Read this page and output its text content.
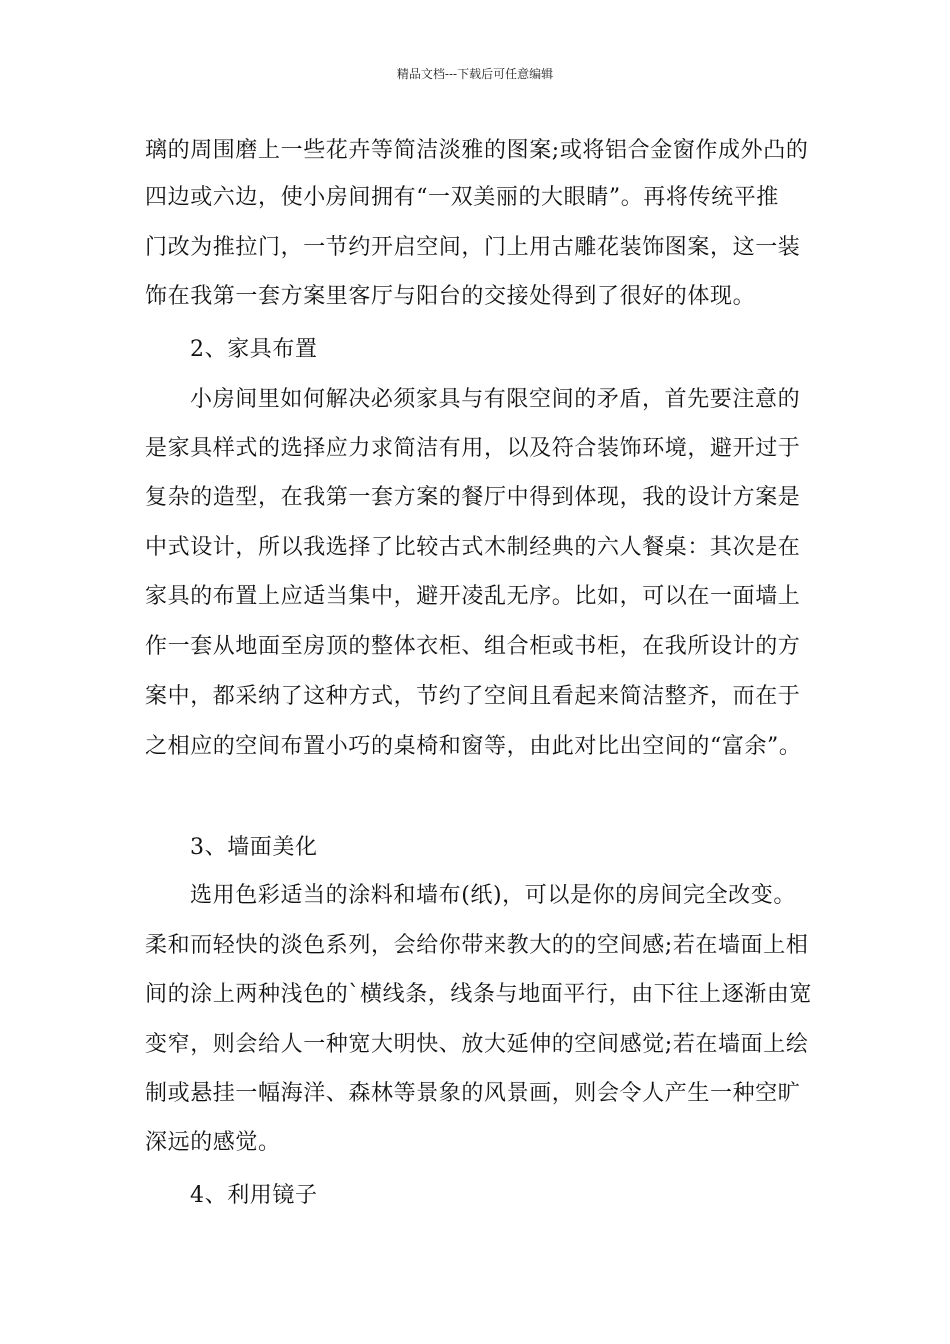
精品文档---下载后可任意编辑
璃的周围磨上一些花卉等简洁淡雅的图案;或将铝合金窗作成外凸的
四边或六边，使小房间拥有“一双美丽的大眼睛”。再将传统平推
门改为推拉门，一节约开启空间，门上用古雕花装饰图案，这一装
饰在我第一套方案里客厅与阳台的交接处得到了很好的体现。
2、家具布置
小房间里如何解决必须家具与有限空间的矛盾，首先要注意的
是家具样式的选择应力求简洁有用，以及符合装饰环境，避开过于
复杂的造型，在我第一套方案的餐厅中得到体现，我的设计方案是
中式设计，所以我选择了比较古式木制经典的六人餐桌：其次是在
家具的布置上应适当集中，避开凌乱无序。比如，可以在一面墙上
作一套从地面至房顶的整体衣柜、组合柜或书柜，在我所设计的方
案中，都采纳了这种方式，节约了空间且看起来简洁整齐，而在于
之相应的空间布置小巧的桌椅和窗等，由此对比出空间的“富余”。
3、墙面美化
选用色彩适当的涂料和墙布(纸)，可以是你的房间完全改变。
柔和而轻快的淡色系列，会给你带来教大的的空间感;若在墙面上相
间的涂上两种浅色的`横线条，线条与地面平行，由下往上逐渐由宽
变窄，则会给人一种宽大明快、放大延伸的空间感觉;若在墙面上绘
制或悬挂一幅海洋、森林等景象的风景画，则会令人产生一种空旷
深远的感觉。
4、利用镜子
